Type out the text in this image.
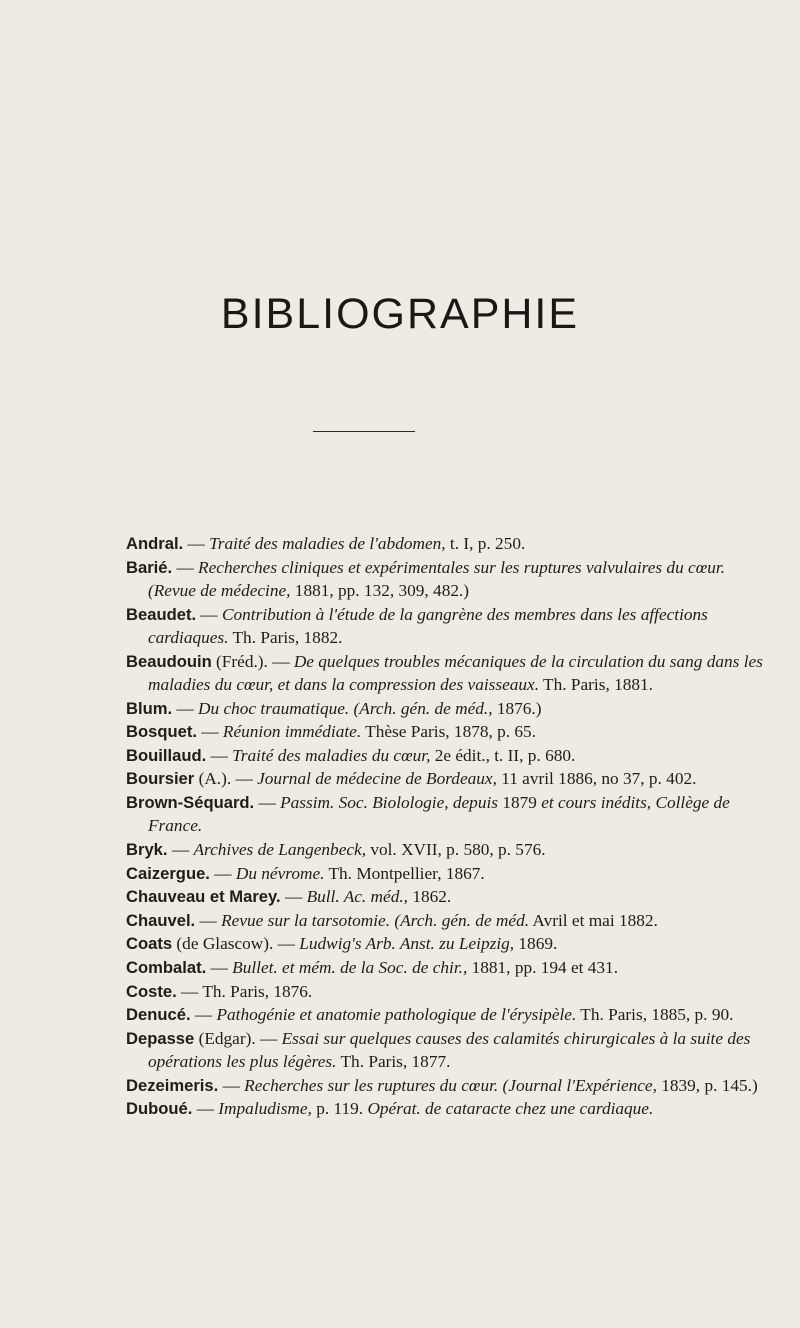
BIBLIOGRAPHIE
Andral. — Traité des maladies de l'abdomen, t. I, p. 250.
Barié. — Recherches cliniques et expérimentales sur les ruptures valvulaires du cœur. (Revue de médecine, 1881, pp. 132, 309, 482.)
Beaudet. — Contribution à l'étude de la gangrène des membres dans les affections cardiaques. Th. Paris, 1882.
Beaudouin (Fréd.). — De quelques troubles mécaniques de la circulation du sang dans les maladies du cœur, et dans la compression des vaisseaux. Th. Paris, 1881.
Blum. — Du choc traumatique. (Arch. gén. de méd., 1876.)
Bosquet. — Réunion immédiate. Thèse Paris, 1878, p. 65.
Bouillaud. — Traité des maladies du cœur, 2e édit., t. II, p. 680.
Boursier (A.). — Journal de médecine de Bordeaux, 11 avril 1886, no 37, p. 402.
Brown-Séquard. — Passim. Soc. Biolologie, depuis 1879 et cours inédits, Collège de France.
Bryk. — Archives de Langenbeck, vol. XVII, p. 580, p. 576.
Caizergue. — Du névrome. Th. Montpellier, 1867.
Chauveau et Marey. — Bull. Ac. méd., 1862.
Chauvel. — Revue sur la tarsotomie. (Arch. gén. de méd. Avril et mai 1882.
Coats (de Glascow). — Ludwig's Arb. Anst. zu Leipzig, 1869.
Combalat. — Bullet. et mém. de la Soc. de chir., 1881, pp. 194 et 431.
Coste. — Th. Paris, 1876.
Denucé. — Pathogénie et anatomie pathologique de l'érysipèle. Th. Paris, 1885, p. 90.
Depasse (Edgar). — Essai sur quelques causes des calamités chirurgicales à la suite des opérations les plus légères. Th. Paris, 1877.
Dezeimeris. — Recherches sur les ruptures du cœur. (Journal l'Expérience, 1839, p. 145.)
Duboué. — Impaludisme, p. 119. Opérat. de cataracte chez une cardiaque.
